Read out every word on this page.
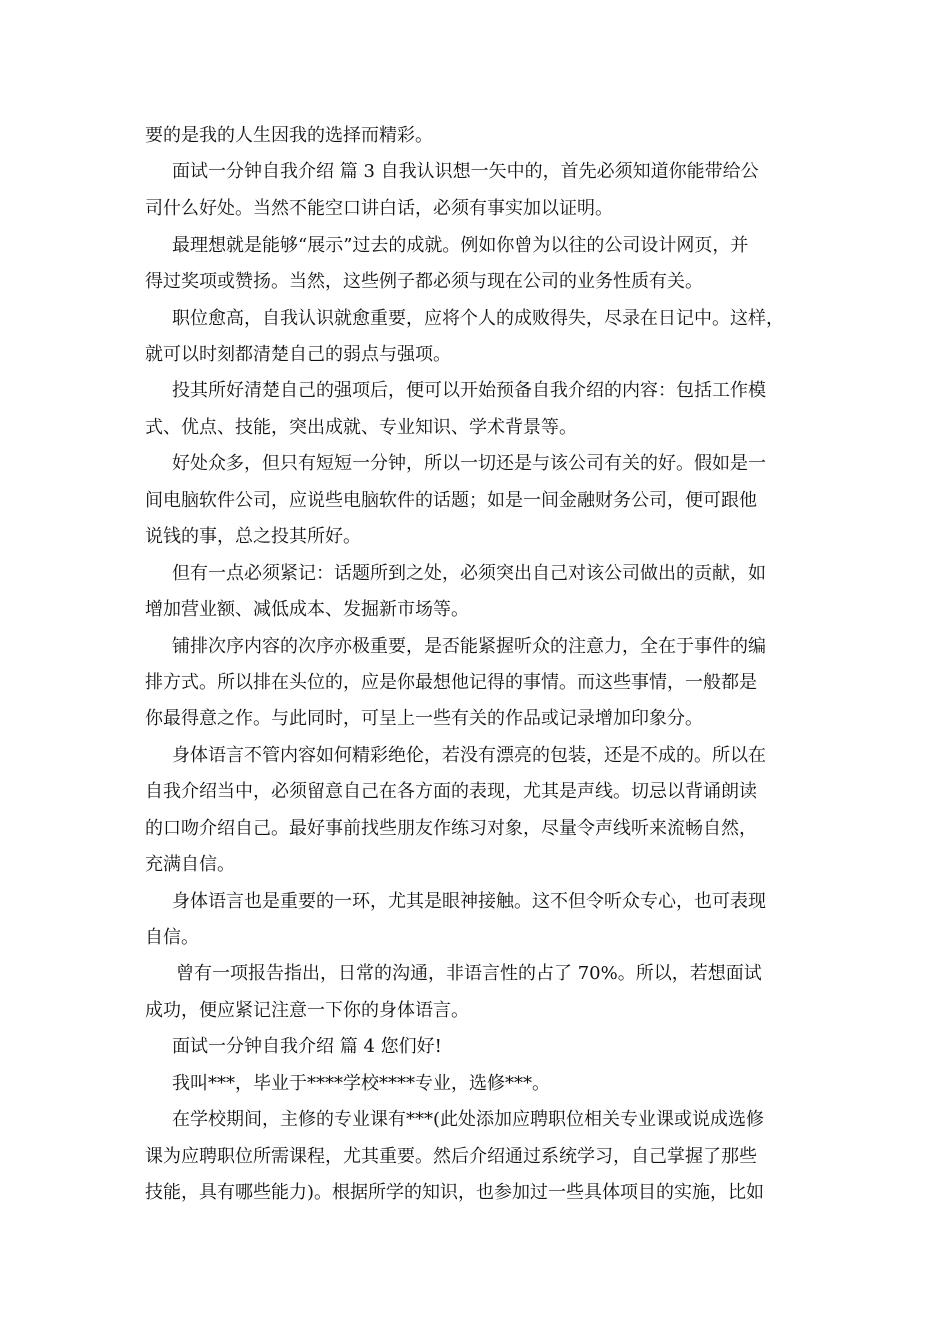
要的是我的人生因我的选择而精彩。
面试一分钟自我介绍 篇 3 自我认识想一矢中的，首先必须知道你能带给公
司什么好处。当然不能空口讲白话，必须有事实加以证明。
最理想就是能够“展示”过去的成就。例如你曾为以往的公司设计网页，并
得过奖项或赞扬。当然，这些例子都必须与现在公司的业务性质有关。
职位愈高，自我认识就愈重要，应将个人的成败得失，尽录在日记中。这样，
就可以时刻都清楚自己的弱点与强项。
投其所好清楚自己的强项后，便可以开始预备自我介绍的内容：包括工作模
式、优点、技能，突出成就、专业知识、学术背景等。
好处众多，但只有短短一分钟，所以一切还是与该公司有关的好。假如是一
间电脑软件公司，应说些电脑软件的话题；如是一间金融财务公司，便可跟他
说钱的事，总之投其所好。
但有一点必须紧记：话题所到之处，必须突出自己对该公司做出的贡献，如
增加营业额、减低成本、发掘新市场等。
铺排次序内容的次序亦极重要，是否能紧握听众的注意力，全在于事件的编
排方式。所以排在头位的，应是你最想他记得的事情。而这些事情，一般都是
你最得意之作。与此同时，可呈上一些有关的作品或记录增加印象分。
身体语言不管内容如何精彩绝伦，若没有漂亮的包装，还是不成的。所以在
自我介绍当中，必须留意自己在各方面的表现，尤其是声线。切忌以背诵朗读
的口吻介绍自己。最好事前找些朋友作练习对象，尽量令声线听来流畅自然，
充满自信。
身体语言也是重要的一环，尤其是眼神接触。这不但令听众专心，也可表现
自信。
曾有一项报告指出，日常的沟通，非语言性的占了 70%。所以，若想面试
成功，便应紧记注意一下你的身体语言。
面试一分钟自我介绍 篇 4 您们好!
我叫***，毕业于****学校****专业，选修***。
在学校期间，主修的专业课有***(此处添加应聘职位相关专业课或说成选修
课为应聘职位所需课程，尤其重要。然后介绍通过系统学习，自己掌握了那些
技能，具有哪些能力)。根据所学的知识，也参加过一些具体项目的实施，比如
